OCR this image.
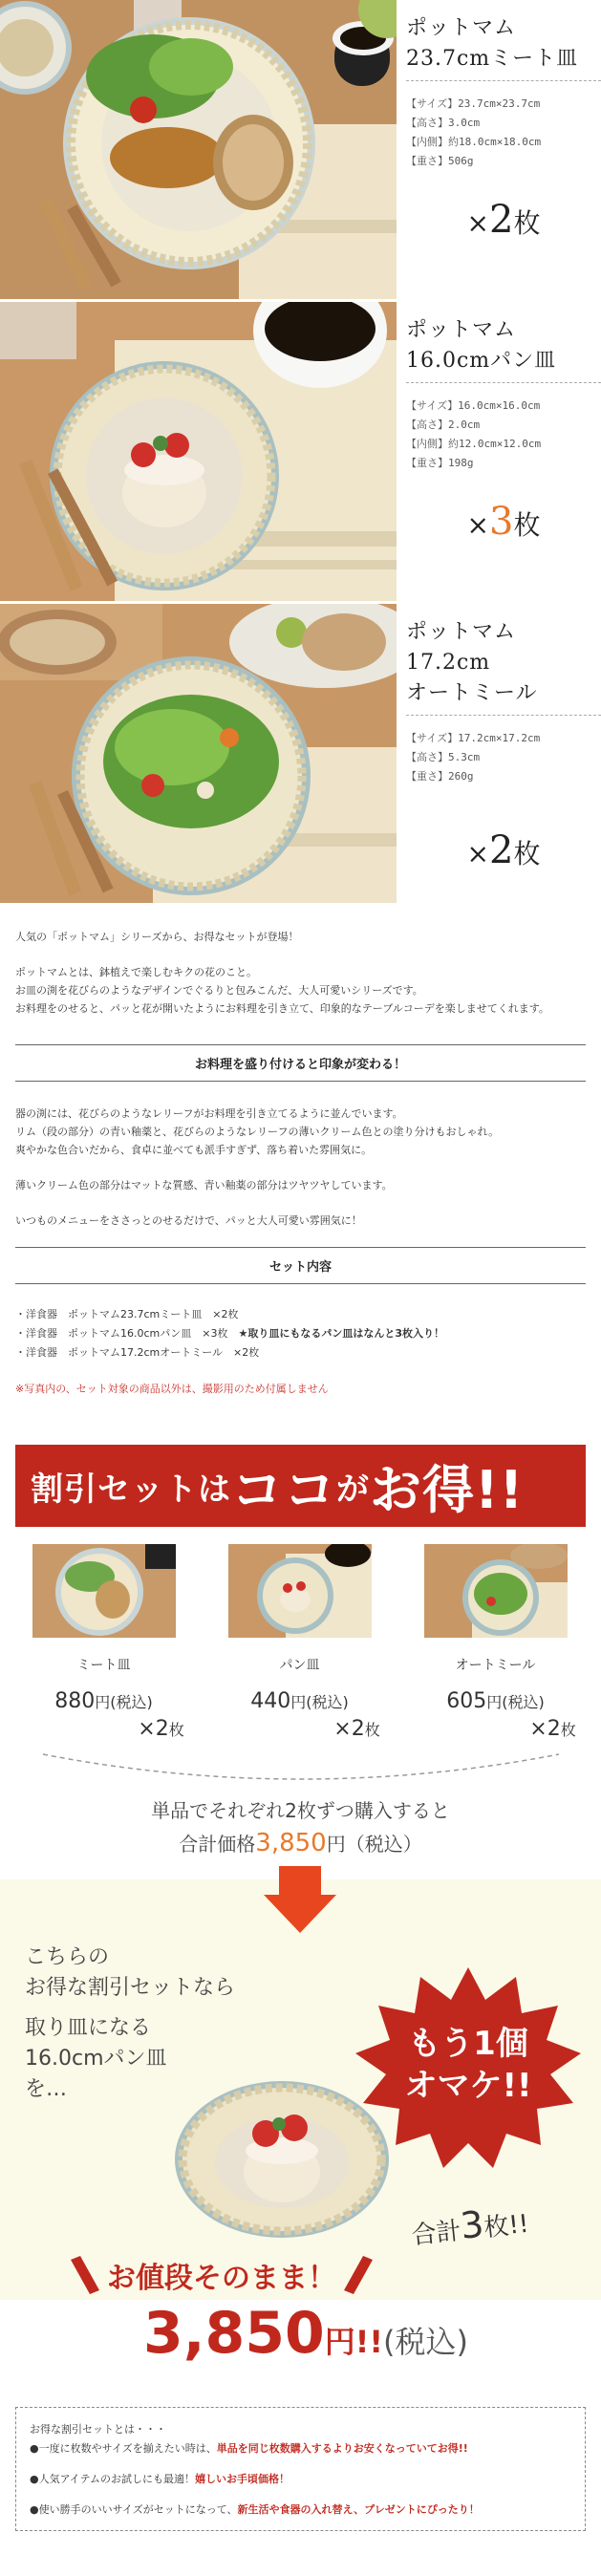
ポットマム
23.7cmミート皿
【サイズ】23.7cm×23.7cm
【高さ】3.0cm
【内側】約18.0cm×18.0cm
【重さ】506g
×2枚
ポットマム
16.0cmパン皿
【サイズ】16.0cm×16.0cm
【高さ】2.0cm
【内側】約12.0cm×12.0cm
【重さ】198g
×3枚
ポットマム
17.2cm
オートミール
【サイズ】17.2cm×17.2cm
【高さ】5.3cm
【重さ】260g
×2枚

人気の「ポットマム」シリーズから、お得なセットが登場！

ポットマムとは、鉢植えで楽しむキクの花のこと。
お皿の渕を花びらのようなデザインでぐるりと包みこんだ、大人可愛いシリーズです。
お料理をのせると、パッと花が開いたようにお料理を引き立て、印象的なテーブルコーデを楽しませてくれます。

お料理を盛り付けると印象が変わる！

器の渕には、花びらのようなレリーフがお料理を引き立てるように並んでいます。
リム（段の部分）の青い釉薬と、花びらのようなレリーフの薄いクリーム色との塗り分けもおしゃれ。
爽やかな色合いだから、食卓に並べても派手すぎず、落ち着いた雰囲気に。

薄いクリーム色の部分はマットな質感、青い釉薬の部分はツヤツヤしています。

いつものメニューをささっとのせるだけで、パッと大人可愛い雰囲気に！

セット内容
・洋食器　ポットマム23.7cmミート皿　×2枚
・洋食器　ポットマム16.0cmパン皿　×3枚　★取り皿にもなるパン皿はなんと3枚入り！
・洋食器　ポットマム17.2cmオートミール　×2枚
※写真内の、セット対象の商品以外は、撮影用のため付属しません
割引セットは ココ が お得!!
ミート皿
880円(税込)
×2枚
パン皿
440円(税込)
×2枚
オートミール
605円(税込)
×2枚
単品でそれぞれ2枚ずつ購入すると
合計価格3,850円（税込）
こちらの
お得な割引セットなら
取り皿になる
16.0cmパン皿
を…
もう1個
オマケ!!
合計3枚!!
お値段そのまま！
3,850円!!(税込)
お得な割引セットとは・・・
●一度に枚数やサイズを揃えたい時は、単品を同じ枚数購入するよりお安くなっていてお得!!
●人気アイテムのお試しにも最適！嬉しいお手頃価格！
●使い勝手のいいサイズがセットになって、新生活や食器の入れ替え、プレゼントにぴったり！
